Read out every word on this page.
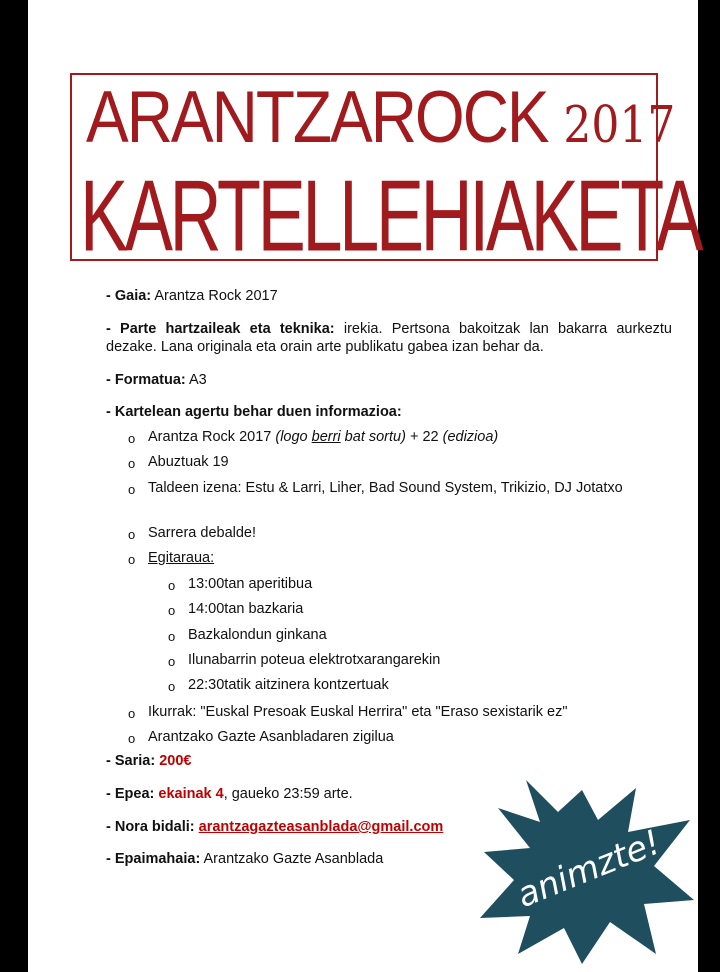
ARANTZAROCK 2017
KARTELLEHIAKETA
- Gaia: Arantza Rock 2017
- Parte hartzaileak eta teknika: irekia. Pertsona bakoitzak lan bakarra aurkeztu dezake. Lana originala eta orain arte publikatu gabea izan behar da.
- Formatua: A3
- Kartelean agertu behar duen informazioa:
o Arantza Rock 2017 (logo berri bat sortu) + 22 (edizioa)
o Abuztuak 19
o Taldeen izena: Estu & Larri, Liher, Bad Sound System, Trikizio, DJ Jotatxo
o Sarrera debalde!
o Egitaraua:
o 13:00tan aperitibua
o 14:00tan bazkaria
o Bazkalondun ginkana
o Ilunabarrin poteua elektrotxarangarekin
o 22:30tatik aitzinera kontzertuak
o Ikurrak: "Euskal Presoak Euskal Herrira" eta "Eraso sexistarik ez"
o Arantzako Gazte Asanbladaren zigilua
- Saria: 200€
- Epea: ekainak 4, gaueko 23:59 arte.
- Nora bidali: arantzagazteasanblada@gmail.com
- Epaimahaia: Arantzako Gazte Asanblada	animzte!
